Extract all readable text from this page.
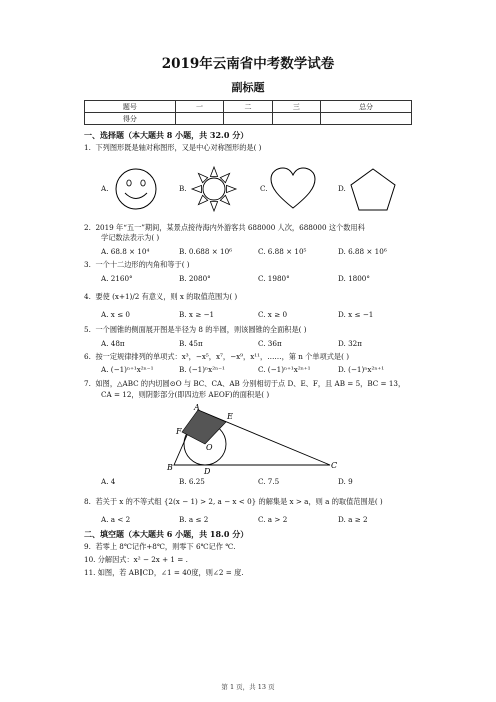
2019年云南省中考数学试卷
副标题
题号	一	二	三	总分
得分				
一、选择题（本大题共 8 小题，共 32.0 分）
1. 下列图形既是轴对称图形，又是中心对称图形的是( )
A.	B.	C.	D.
2. 2019 年“五一”期间，某景点接待海内外游客共 688000 人次，688000 这个数用科
学记数法表示为( )
A. 68.8 × 10⁴	B. 0.688 × 10⁶	C. 6.88 × 10⁵	D. 6.88 × 10⁶
3. 一个十二边形的内角和等于( )
A. 2160°	B. 2080°	C. 1980°	D. 1800°
4. 要使 (x+1)/2 有意义，则 x 的取值范围为( )
A. x ≤ 0	B. x ≥ −1	C. x ≥ 0	D. x ≤ −1
5. 一个圆锥的侧面展开图是半径为 8 的半圆，则该圆锥的全面积是( )
A. 48π	B. 45π	C. 36π	D. 32π
6. 按一定规律排列的单项式：x³，−x⁵，x⁷，−x⁹，x¹¹，……，第 n 个单项式是( )
A. (−1)ⁿ⁺¹x²ⁿ⁻¹	B. (−1)ⁿx²ⁿ⁻¹	C. (−1)ⁿ⁺¹x²ⁿ⁺¹	D. (−1)ⁿx²ⁿ⁺¹
7. 如图，△ABC 的内切圆⊙O 与 BC、CA、AB 分别相切于点 D、E、F，且 AB = 5，BC = 13，
CA = 12，则阴影部分(即四边形 AEOF)的面积是( )
A
E
F
O
B	D
C
A. 4	B. 6.25	C. 7.5	D. 9
8. 若关于 x 的不等式组 {2(x − 1) > 2, a − x < 0} 的解集是 x > a，则 a 的取值范围是( )
A. a < 2	B. a ≤ 2	C. a > 2	D. a ≥ 2
二、填空题（本大题共 6 小题，共 18.0 分）
9. 若零上 8℃记作+8℃，则零下 6℃记作 ℃.
10. 分解因式：x² − 2x + 1 = .
11. 如图，若 AB∥CD，∠1 = 40度，则∠2 = 度.
第 1 页，共 13 页
